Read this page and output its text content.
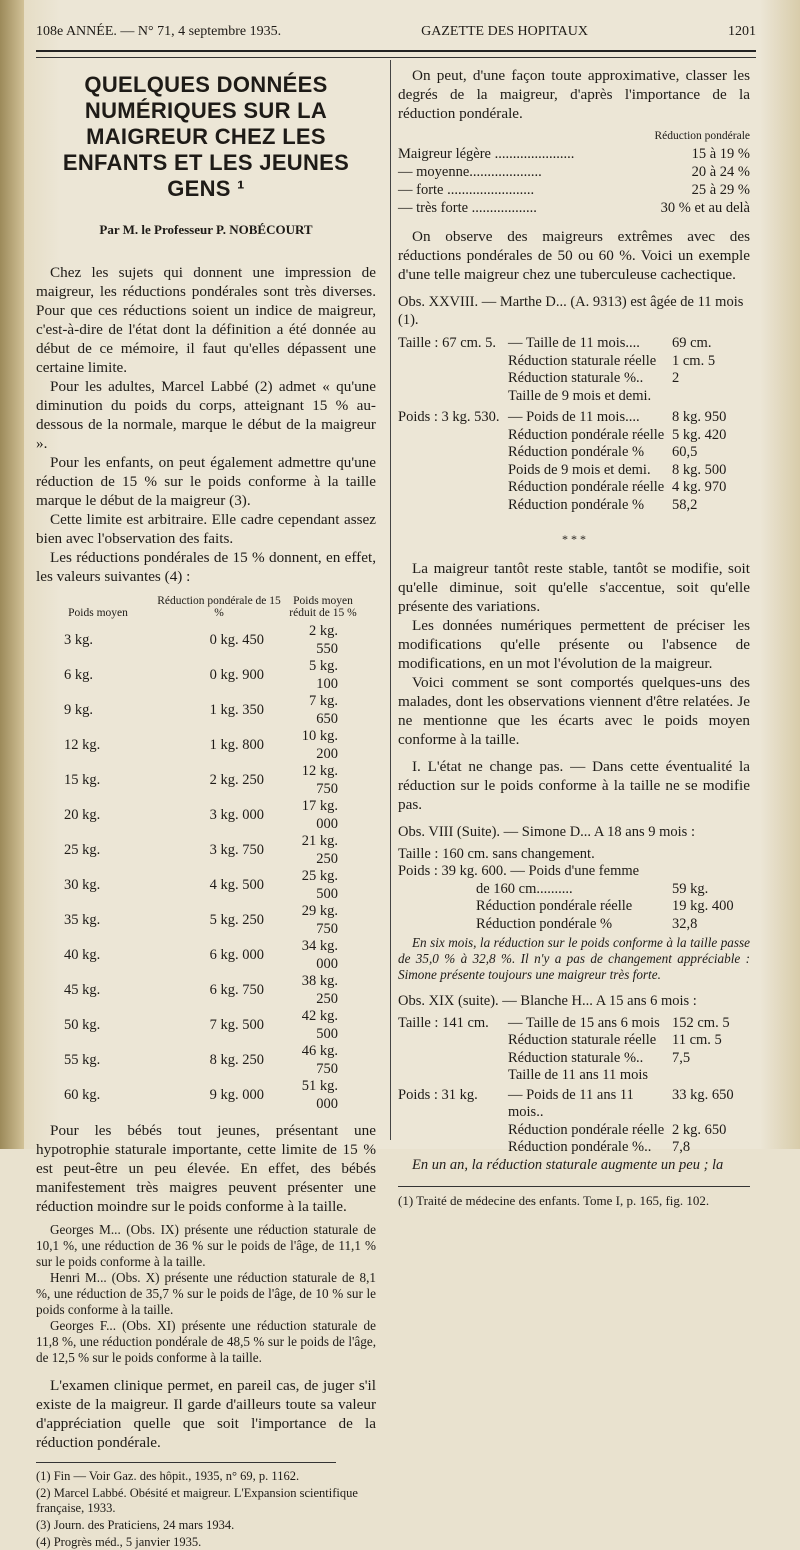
108e ANNÉE. — N° 71, 4 septembre 1935.	GAZETTE DES HOPITAUX	1201
QUELQUES DONNÉES NUMÉRIQUES SUR LA MAIGREUR CHEZ LES ENFANTS ET LES JEUNES GENS ¹
Par M. le Professeur P. NOBÉCOURT

Chez les sujets qui donnent une impression de maigreur, les réductions pondérales sont très diverses. Pour que ces réductions soient un indice de maigreur, c'est-à-dire de l'état dont la définition a été donnée au début de ce mémoire, il faut qu'elles dépassent une certaine limite.

Pour les adultes, Marcel Labbé (2) admet « qu'une diminution du poids du corps, atteignant 15 % au-dessous de la normale, marque le début de la maigreur ».

Pour les enfants, on peut également admettre qu'une réduction de 15 % sur le poids conforme à la taille marque le début de la maigreur (3).

Cette limite est arbitraire. Elle cadre cependant assez bien avec l'observation des faits.

Les réductions pondérales de 15 % donnent, en effet, les valeurs suivantes (4) :

Poids moyen	Réduction pondérale de 15 %	Poids moyen réduit de 15 %
3 kg.	0 kg. 450	2 kg. 550
6 kg.	0 kg. 900	5 kg. 100
9 kg.	1 kg. 350	7 kg. 650
12 kg.	1 kg. 800	10 kg. 200
15 kg.	2 kg. 250	12 kg. 750
20 kg.	3 kg. 000	17 kg. 000
25 kg.	3 kg. 750	21 kg. 250
30 kg.	4 kg. 500	25 kg. 500
35 kg.	5 kg. 250	29 kg. 750
40 kg.	6 kg. 000	34 kg. 000
45 kg.	6 kg. 750	38 kg. 250
50 kg.	7 kg. 500	42 kg. 500
55 kg.	8 kg. 250	46 kg. 750
60 kg.	9 kg. 000	51 kg. 000

Pour les bébés tout jeunes, présentant une hypotrophie staturale importante, cette limite de 15 % est peut-être un peu élevée. En effet, des bébés manifestement très maigres peuvent présenter une réduction moindre sur le poids conforme à la taille.

Georges M... (Obs. IX) présente une réduction staturale de 10,1 %, une réduction de 36 % sur le poids de l'âge, de 11,1 % sur le poids conforme à la taille.

Henri M... (Obs. X) présente une réduction staturale de 8,1 %, une réduction de 35,7 % sur le poids de l'âge, de 10 % sur le poids conforme à la taille.

Georges F... (Obs. XI) présente une réduction staturale de 11,8 %, une réduction pondérale de 48,5 % sur le poids de l'âge, de 12,5 % sur le poids conforme à la taille.

L'examen clinique permet, en pareil cas, de juger s'il existe de la maigreur. Il garde d'ailleurs toute sa valeur d'appréciation quelle que soit l'importance de la réduction pondérale.

(1) Fin — Voir Gaz. des hôpit., 1935, n° 69, p. 1162.
(2) Marcel Labbé. Obésité et maigreur. L'Expansion scientifique française, 1933.
(3) Journ. des Praticiens, 24 mars 1934.
(4) Progrès méd., 5 janvier 1935.

On peut, d'une façon toute approximative, classer les degrés de la maigreur, d'après l'importance de la réduction pondérale.

Réduction pondérale
Maigreur légère ......................	15 à 19 %
— moyenne....................	20 à 24 %
— forte ........................	25 à 29 %
— très forte ..................	30 % et au delà

On observe des maigreurs extrêmes avec des réductions pondérales de 50 ou 60 %. Voici un exemple d'une telle maigreur chez une tuberculeuse cachectique.

Obs. XXVIII. — Marthe D... (A. 9313) est âgée de 11 mois (1).
Taille : 67 cm. 5. — Taille de 11 mois....	69 cm.
Réduction staturale réelle	1 cm. 5
Réduction staturale %..	2
Taille de 9 mois et demi.
Poids : 3 kg. 530. — Poids de 11 mois....	8 kg. 950
Réduction pondérale réelle 5 kg. 420
Réduction pondérale %	60,5
Poids de 9 mois et demi.	8 kg. 500
Réduction pondérale réelle 4 kg. 970
Réduction pondérale %	58,2
* * *

La maigreur tantôt reste stable, tantôt se modifie, soit qu'elle diminue, soit qu'elle s'accentue, soit qu'elle présente des variations.

Les données numériques permettent de préciser les modifications qu'elle présente ou l'absence de modifications, en un mot l'évolution de la maigreur.

Voici comment se sont comportés quelques-uns des malades, dont les observations viennent d'être relatées. Je ne mentionne que les écarts avec le poids moyen conforme à la taille.

I. L'état ne change pas. — Dans cette éventualité la réduction sur le poids conforme à la taille ne se modifie pas.

Obs. VIII (Suite). — Simone D... A 18 ans 9 mois :
Taille : 160 cm. sans changement.
Poids : 39 kg. 600. — Poids d'une femme
de 160 cm..........	59 kg.
Réduction pondérale réelle	19 kg. 400
Réduction pondérale %	32,8

En six mois, la réduction sur le poids conforme à la taille passe de 35,0 % à 32,8 %. Il n'y a pas de changement appréciable : Simone présente toujours une maigreur très forte.

Obs. XIX (suite). — Blanche H... A 15 ans 6 mois :
Taille : 141 cm.	— Taille de 15 ans 6 mois 152 cm. 5
Réduction staturale réelle	11 cm. 5
Réduction staturale %..	7,5
Taille de 11 ans 11 mois
Poids : 31 kg.	— Poids de 11 ans 11 mois..
33 kg. 650
Réduction pondérale réelle 2 kg. 650
Réduction pondérale %..	7,8

En un an, la réduction staturale augmente un peu ; la

(1) Traité de médecine des enfants. Tome I, p. 165, fig. 102.
